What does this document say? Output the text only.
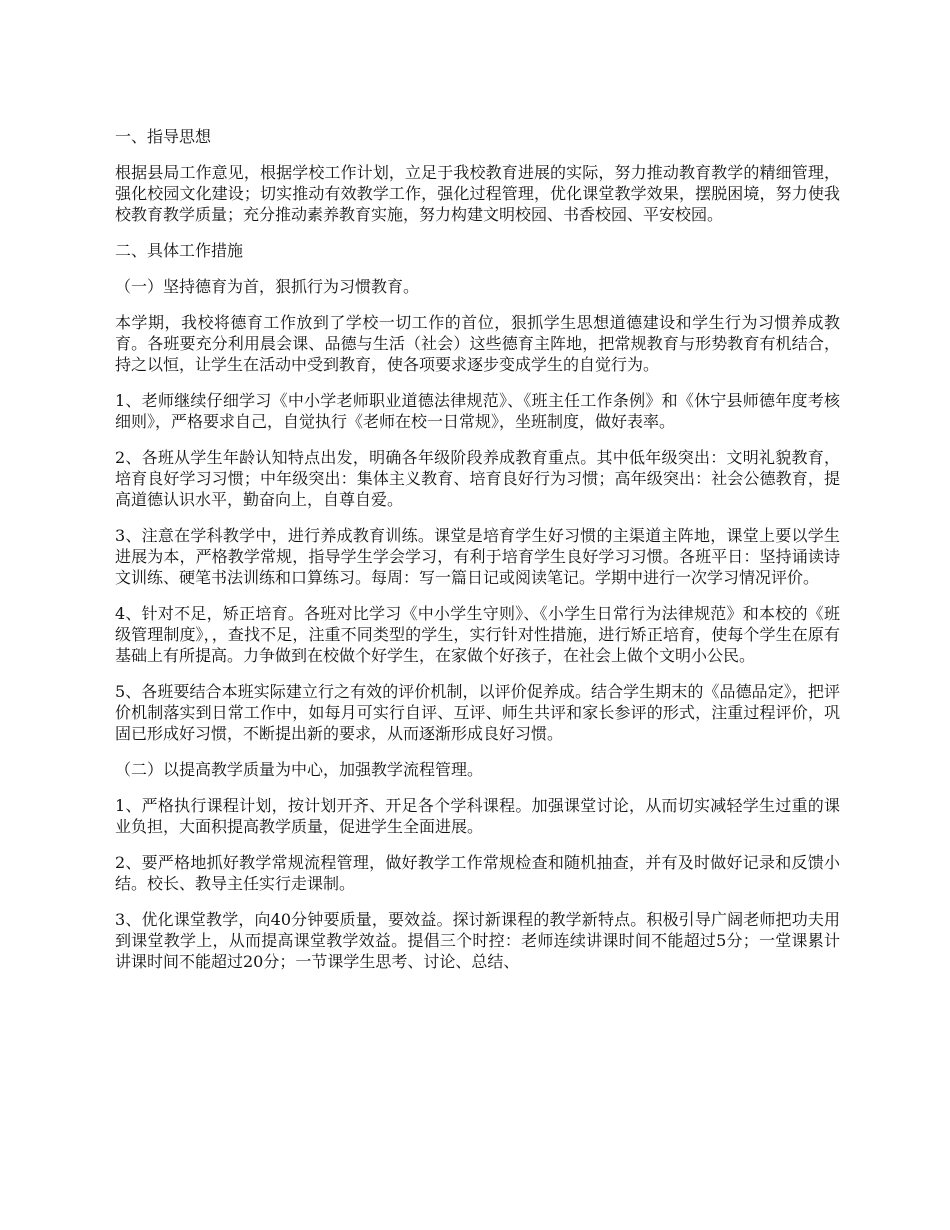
一、指导思想

根据县局工作意见，根据学校工作计划，立足于我校教育进展的实际，努力推动教育教学的精细管理，强化校园文化建设；切实推动有效教学工作，强化过程管理，优化课堂教学效果，摆脱困境，努力使我校教育教学质量；充分推动素养教育实施，努力构建文明校园、书香校园、平安校园。

二、具体工作措施

（一）坚持德育为首，狠抓行为习惯教育。

本学期，我校将德育工作放到了学校一切工作的首位，狠抓学生思想道德建设和学生行为习惯养成教育。各班要充分利用晨会课、品德与生活（社会）这些德育主阵地，把常规教育与形势教育有机结合，持之以恒，让学生在活动中受到教育，使各项要求逐步变成学生的自觉行为。

1、老师继续仔细学习《中小学老师职业道德法律规范》、《班主任工作条例》和《休宁县师德年度考核细则》，严格要求自己，自觉执行《老师在校一日常规》，坐班制度，做好表率。

2、各班从学生年龄认知特点出发，明确各年级阶段养成教育重点。其中低年级突出：文明礼貌教育，培育良好学习习惯；中年级突出：集体主义教育、培育良好行为习惯；高年级突出：社会公德教育，提高道德认识水平，勤奋向上，自尊自爱。

3、注意在学科教学中，进行养成教育训练。课堂是培育学生好习惯的主渠道主阵地，课堂上要以学生进展为本，严格教学常规，指导学生学会学习，有利于培育学生良好学习习惯。各班平日：坚持诵读诗文训练、硬笔书法训练和口算练习。每周：写一篇日记或阅读笔记。学期中进行一次学习情况评价。

4、针对不足，矫正培育。各班对比学习《中小学生守则》、《小学生日常行为法律规范》和本校的《班级管理制度》，，查找不足，注重不同类型的学生，实行针对性措施，进行矫正培育，使每个学生在原有基础上有所提高。力争做到在校做个好学生，在家做个好孩子，在社会上做个文明小公民。

5、各班要结合本班实际建立行之有效的评价机制，以评价促养成。结合学生期末的《品德品定》，把评价机制落实到日常工作中，如每月可实行自评、互评、师生共评和家长参评的形式，注重过程评价，巩固已形成好习惯，不断提出新的要求，从而逐渐形成良好习惯。

（二）以提高教学质量为中心，加强教学流程管理。

1、严格执行课程计划，按计划开齐、开足各个学科课程。加强课堂讨论，从而切实减轻学生过重的课业负担，大面积提高教学质量，促进学生全面进展。

2、要严格地抓好教学常规流程管理，做好教学工作常规检查和随机抽查，并有及时做好记录和反馈小结。校长、教导主任实行走课制。

3、优化课堂教学，向40分钟要质量，要效益。探讨新课程的教学新特点。积极引导广阔老师把功夫用到课堂教学上，从而提高课堂教学效益。提倡三个时控：老师连续讲课时间不能超过5分；一堂课累计讲课时间不能超过20分；一节课学生思考、讨论、总结、
